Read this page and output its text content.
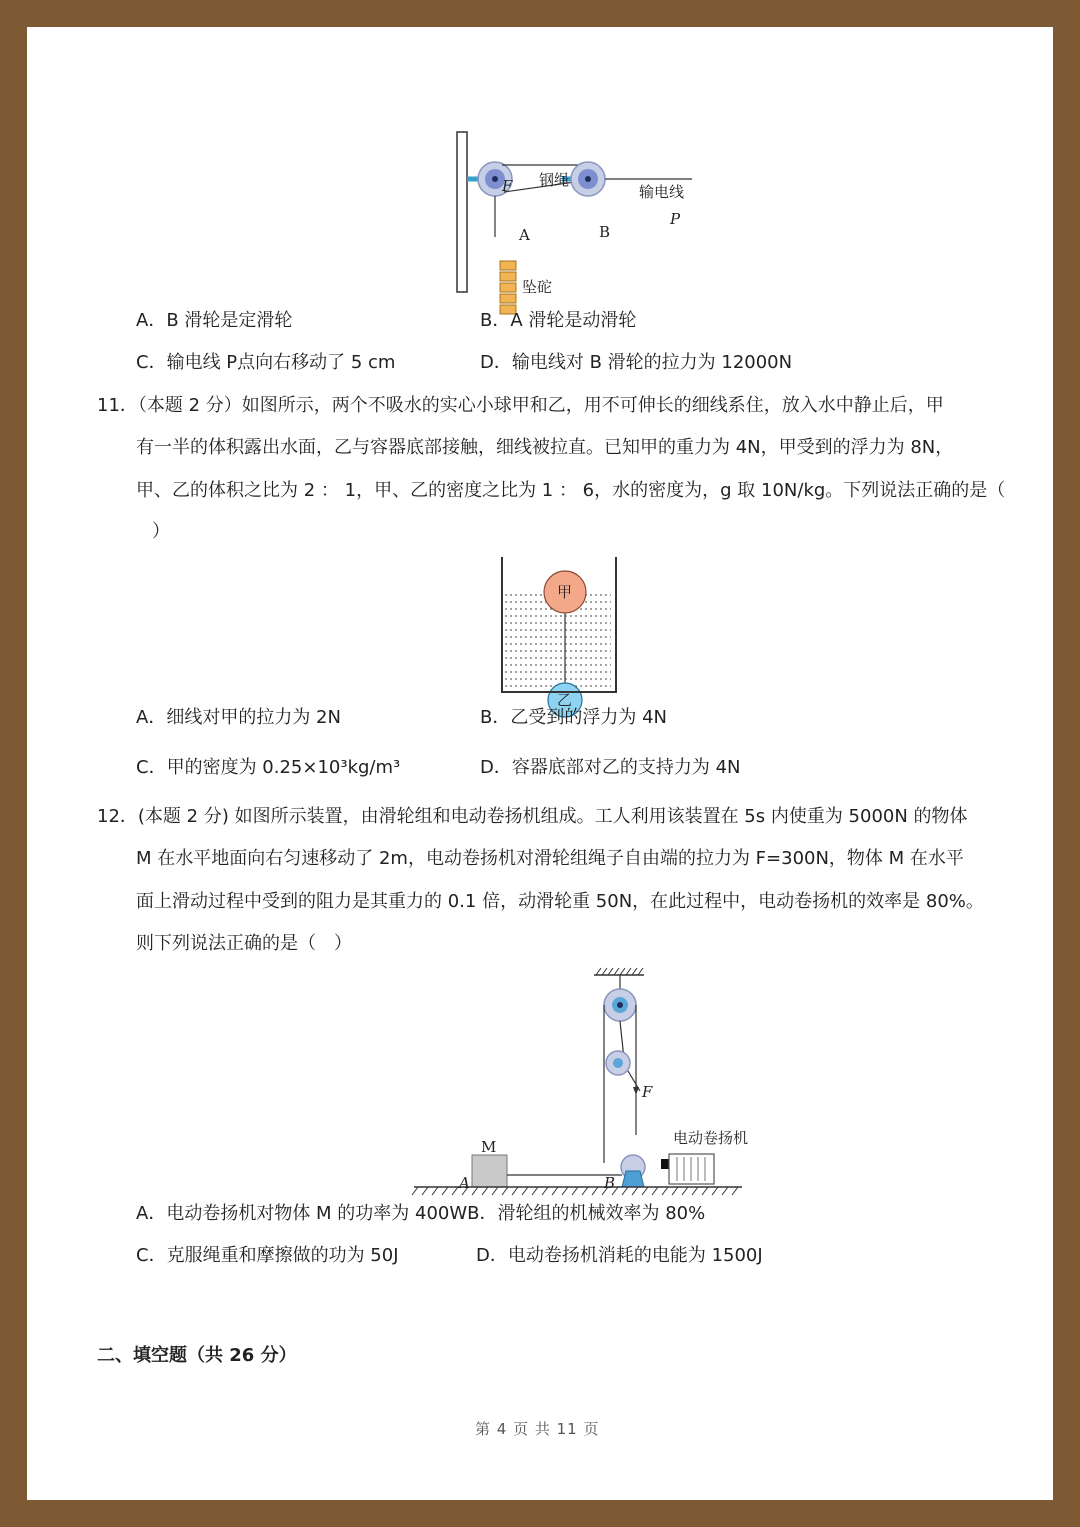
F 钢绳
输电线
P
A	B
坠砣
A．B 滑轮是定滑轮	B．A 滑轮是动滑轮
C．输电线 P点向右移动了 5 cm	D．输电线对 B 滑轮的拉力为 12000N
11．（本题 2 分）如图所示，两个不吸水的实心小球甲和乙，用不可伸长的细线系住，放入水中静止后，甲
有一半的体积露出水面，乙与容器底部接触，细线被拉直。已知甲的重力为 4N，甲受到的浮力为 8N，
甲、乙的体积之比为 2 ： 1，甲、乙的密度之比为 1 ： 6，水的密度为，g 取 10N/kg。下列说法正确的是（
）
甲
乙
A．细线对甲的拉力为 2N	B．乙受到的浮力为 4N
C．甲的密度为 0.25×10³kg/m³	D．容器底部对乙的支持力为 4N
12．(本题 2 分) 如图所示装置，由滑轮组和电动卷扬机组成。工人利用该装置在 5s 内使重为 5000N 的物体
M 在水平地面向右匀速移动了 2m，电动卷扬机对滑轮组绳子自由端的拉力为 F=300N，物体 M 在水平
面上滑动过程中受到的阻力是其重力的 0.1 倍，动滑轮重 50N，在此过程中，电动卷扬机的效率是 80%。
则下列说法正确的是（　）
F
M	电动卷扬机
A	B
A．电动卷扬机对物体 M 的功率为 400WB．滑轮组的机械效率为 80%
C．克服绳重和摩擦做的功为 50J	D．电动卷扬机消耗的电能为 1500J
二、填空题（共 26 分）
第 4 页 共 11 页
